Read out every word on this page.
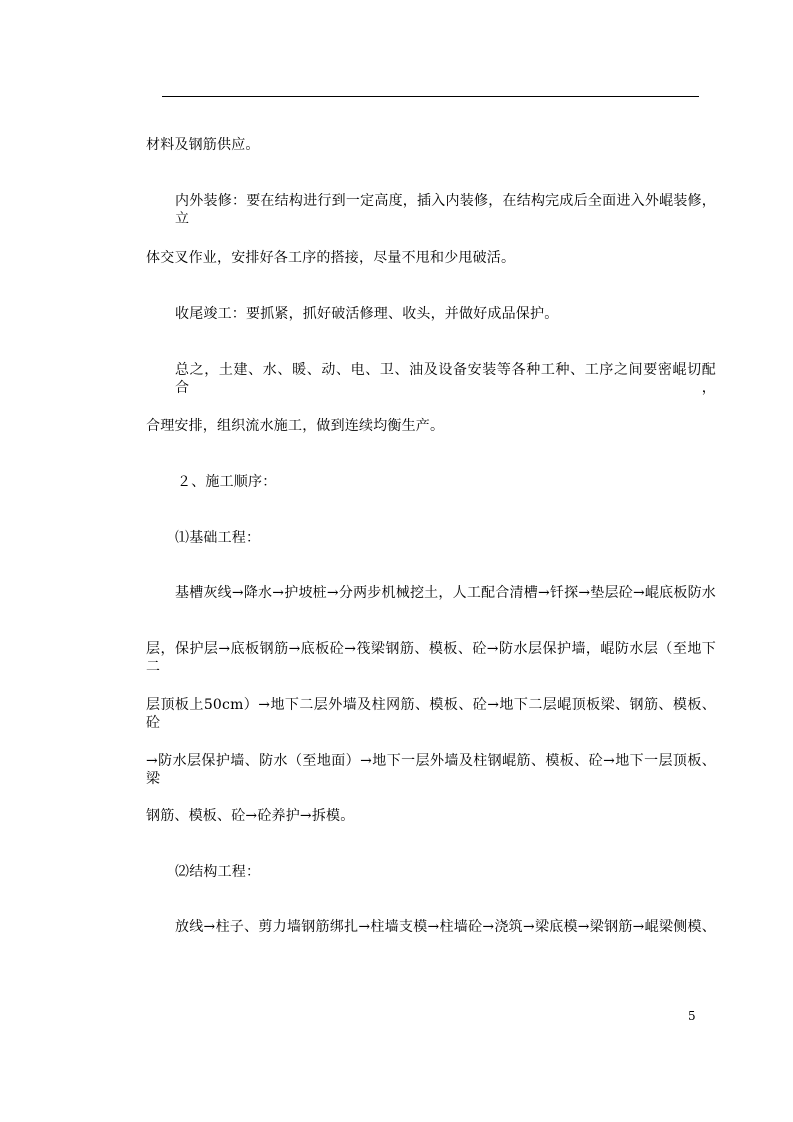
材料及钢筋供应。
内外装修：要在结构进行到一定高度，插入内装修，在结构完成后全面进入外崐装修，立
体交叉作业，安排好各工序的搭接，尽量不甩和少甩破活。
收尾竣工：要抓紧，抓好破活修理、收头，并做好成品保护。
总之，土建、水、暖、动、电、卫、油及设备安装等各种工种、工序之间要密崐切配合，
合理安排，组织流水施工，做到连续均衡生产。
２、施工顺序：
⑴基础工程：
基槽灰线→降水→护坡桩→分两步机械挖土，人工配合清槽→钎探→垫层砼→崐底板防水
层，保护层→底板钢筋→底板砼→筏梁钢筋、模板、砼→防水层保护墙，崐防水层（至地下二
层顶板上50cm）→地下二层外墙及柱网筋、模板、砼→地下二层崐顶板梁、钢筋、模板、砼
→防水层保护墙、防水（至地面）→地下一层外墙及柱钢崐筋、模板、砼→地下一层顶板、梁
钢筋、模板、砼→砼养护→拆模。
⑵结构工程：
放线→柱子、剪力墙钢筋绑扎→柱墙支模→柱墙砼→浇筑→梁底模→梁钢筋→崐梁侧模、
5
